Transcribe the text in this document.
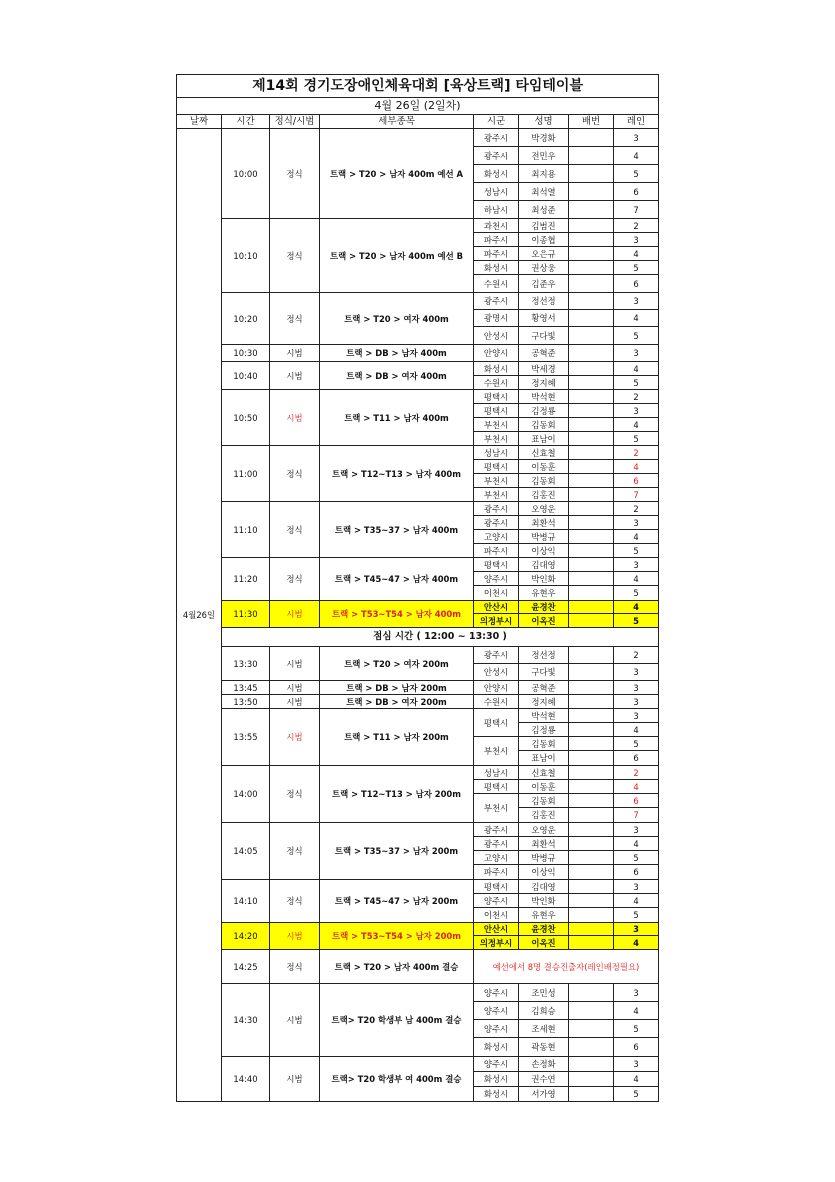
제14회 경기도장애인체육대회 [육상트랙] 타임테이블							
4월 26일 (2일차)							
날짜	시간	정식/시범	세부종목	시군	성명	배번	레인
4월26일	10:00	정식	트랙 > T20 > 남자 400m 예선 A	광주시	박경화		3
				광주시	전민우		4
				화성시	최지용		5
				성남시	최석열		6
				하남시	최성준		7
	10:10	정식	트랙 > T20 > 남자 400m 예선 B	과천시	김범진		2
				파주시	이종협		3
				파주시	오은규		4
				화성시	권상웅		5
				수원시	김준우		6
	10:20	정식	트랙 > T20 > 여자 400m	광주시	정선정		3
				광명시	황영서		4
				안성시	구다빛		5
	10:30	시범	트랙 > DB > 남자 400m	안양시	공혁준		3
	10:40	시범	트랙 > DB > 여자 400m	화성시	박세경		4
				수원시	정지혜		5
	10:50	시범	트랙 > T11 > 남자 400m	평택시	박석현		2
				평택시	김정룡		3
				부천시	김동회		4
				부천시	표남이		5
	11:00	정식	트랙 > T12~T13 > 남자 400m	성남시	신효철		2
				평택시	이동훈		4
				부천시	김동회		6
				부천시	김홍진		7
	11:10	정식	트랙 > T35~37 > 남자 400m	광주시	오영운		2
				광주시	최환석		3
				고양시	박병규		4
				파주시	이상익		5
	11:20	정식	트랙 > T45~47 > 남자 400m	평택시	김대영		3
				양주시	박인화		4
				이천시	유현우		5
	11:30	시범	트랙 > T53~T54 > 남자 400m	안산시	윤경찬		4
				의정부시	이옥진		5
	점심 시간 ( 12:00 ~ 13:30 )						
	13:30	시범	트랙 > T20 > 여자 200m	광주시	정선정		2
				안성시	구다빛		3
	13:45	시범	트랙 > DB > 남자 200m	안양시	공혁준		3
	13:50	시범	트랙 > DB > 여자 200m	수원시	정지혜		3
	13:55	시범	트랙 > T11 > 남자 200m	평택시	박석현		3
					김정룡		4
				부천시	김동회		5
					표남이		6
	14:00	정식	트랙 > T12~T13 > 남자 200m	성남시	신효철		2
				평택시	이동훈		4
				부천시	김동회		6
					김홍진		7
	14:05	정식	트랙 > T35~37 > 남자 200m	광주시	오영운		3
				광주시	최환석		4
				고양시	박병규		5
				파주시	이상익		6
	14:10	정식	트랙 > T45~47 > 남자 200m	평택시	김대영		3
				양주시	박인화		4
				이천시	유현우		5
	14:20	시범	트랙 > T53~T54 > 남자 200m	안산시	윤경찬		3
				의정부시	이옥진		4
	14:25	정식	트랙 > T20 > 남자 400m 결승	예선에서 8명 결승진출자(레인배정필요)			
	14:30	시범	트랙> T20 학생부 남 400m 결승	양주시	조민성		3
				양주시	김희승		4
				양주시	조세현		5
				화성시	곽동현		6
	14:40	시범	트랙> T20 학생부 여 400m 결승	양주시	손정화		3
				화성시	권수연		4
				화성시	서가영		5
